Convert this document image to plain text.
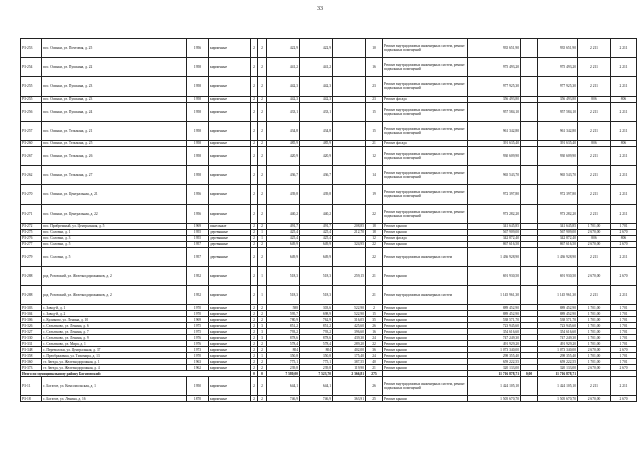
33
РЗ-253	пос. Осинки, ул. Почтовая, д. 25	1956	кирпичные	2	2	422,9	422,9		10	Ремонт внутридомовых инженерных систем, ремонт подвальных помещений	935 651,90		935 651,90	2 211	2 211
РЗ-254	пос. Осинки, ул. Пушкина, д. 22	1958	кирпичные	2	2	441,2	441,2		16	Ремонт внутридомовых инженерных систем, ремонт подвальных помещений	975 493,20		975 493,20	2 211	2 211
РЗ-255	пос. Осинки, ул. Пушкина, д. 23	1958	кирпичные	2	2	442,3	442,3		23	Ремонт внутридомовых инженерных систем, ремонт подвальных помещений	977 925,30		977 925,30	2 211	2 211
РЗ-255	пос. Осинки, ул. Пушкина, д. 23	1958	кирпичные	2	2	442,3	442,3		23	Ремонт фасада	356 493,80		356 493,80	806	806
РЗ-256	пос. Осинки, ул. Пушкина, д. 24	1958	кирпичные	2	2	433,1	433,1		15	Ремонт внутридомовых инженерных систем, ремонт подвальных помещений	957 584,10		957 584,10	2 211	2 211
РЗ-257	пос. Осинки, ул. Тельмана, д. 21	1958	кирпичные	2	2	434,8	434,8		15	Ремонт внутридомовых инженерных систем, ремонт подвальных помещений	961 342,80		961 342,80	2 211	2 211
РЗ-260	пос. Осинки, ул. Тельмана, д. 25	1958	кирпичные	2	2	485,9	485,9		21	Ремонт фасада	391 635,40		391 635,40	806	806
РЗ-267	пос. Осинки, ул. Тельмана, д. 26	1958	кирпичные	2	2	420,9	420,9		12	Ремонт внутридомовых инженерных систем, ремонт подвальных помещений	930 609,90		930 609,90	2 211	2 211
РЗ-262	пос. Осинки, ул. Тельмана, д. 27	1958	кирпичные	2	2	436,7	436,7		14	Ремонт внутридомовых инженерных систем, ремонт подвальных помещений	965 543,70		965 543,70	2 211	2 211
РЗ-270	пос. Осинки, ул. Центральная, д. 21	1956	кирпичные	2	2	439,8	439,8		19	Ремонт внутридомовых инженерных систем, ремонт подвальных помещений	972 397,80		972 397,80	2 211	2 211
РЗ-271	пос. Осинки, ул. Центральная, д. 22	1956	кирпичные	2	2	440,2	440,2		22	Ремонт внутридомовых инженерных систем, ремонт подвальных помещений	973 282,20		973 282,20	2 211	2 211
РЗ-272	пос. Прибрежный, ул. Центральная, д. 5	1969	панельные	2	2	491,7	491,7	208,85	18	Ремонт крыши	341 645,85		341 645,85	1 701,00	1 701
РЗ-275	пос. Соловьи, д. 1	1955	деревянные	2	1	425,4	425,4	212,70	18	Ремонт крыши	567 909,00		567 909,00	2 670,00	2 670
РЗ-276	пос. Соловьи, д. 3	1955	деревянные	2	1	425,4	425,4		12	Ремонт фасада	342 872,40		342 872,40	806	806
РЗ-277	пос. Соловьи, д. 5	1957	деревянные	2	2	649,9	649,9	324,95	22	Ремонт крыши	867 616,50		867 616,50	2 670,00	2 670
РЗ-279	пос. Соловьи, д. 5	1957	деревянные	2	2	649,9	649,9		22	Ремонт внутридомовых инженерных систем	1 436 928,90		1 436 928,90	2 211	2 211
РЗ-288	род. Розовский, ул. Железнодорожников, д. 2	1952	кирпичные	2	1	518,3	518,3	259,15	21	Ремонт крыши	691 930,50		691 930,50	2 670,00	2 670
РЗ-288	род. Розовский, ул. Железнодорожников, д. 2	1952	кирпичные	2	1	518,3	518,3		21	Ремонт внутридомовых инженерных систем	1 145 961,30		1 145 961,30	2 211	2 211
РЗ-303	с. Завод-й, д. 1	1970	кирпичные	2	2	588	303,6	522,90	2	Ремонт крыши	889 452,90		889 452,90	1 701,00	1 701
РЗ-304	с. Завод-й, д. 2	1970	кирпичные	2	2	595,7	698,9	522,90	15	Ремонт крыши	889 452,90		889 452,90	1 701,00	1 701
РЗ-306	с. Куликово, ул. Ленина, д. 10	1969	кирпичные	2	2	780,9	762,9	316,05	35	Ремонт крыши	538 571,70		538 571,70	1 701,00	1 701
РЗ-326	с. Селытково, ул. Ленина, д. 6	1975	кирпичные	2	3	851,2	851,2	425,60	26	Ремонт крыши	723 945,60		723 945,60	1 701,00	1 701
РЗ-327	с. Селытково, ул. Ленина, д. 7	1975	кирпичные	2	3	793,2	793,2	396,60	16	Ремонт крыши	354 616,60		354 616,60	1 701,00	1 701
РЗ-330	с. Селытково, ул. Ленина, д. 9	1976	кирпичные	2	3	878,6	878,6	439,30	24	Ремонт крыши	747 249,30		747 249,30	1 701,00	1 701
РЗ-331	с. Селытково, ул. Мира, д. 1	1976	кирпичные	2	2	578,4	578,4	289,20	22	Ремонт крыши	491 929,20		491 929,20	1 701,00	1 701
РЗ-348	с. Переволоки, ул. Центральная, д. 37	1973	кирпичные	2	2	804	804	402,00	36	Ремонт крыши	1 073 340,00		1 073 340,00	2 670,00	2 670
РЗ-358	с. Преображенка, ул. Тихомира, д. 13	1970	кирпичные	2	1	350,8	350,8	175,40	24	Ремонт крыши	298 355,40		298 355,40	1 701,00	1 701
РЗ-360	ст. Звезда, ул. Железнодорожная, д. 1	1963	кирпичные	2	2	775,1	775,1	387,55	40	Ремонт крыши	659 222,55		659 222,55	1 701,00	1 701
РЗ-373	ст. Звезда, ул. Железнодорожная, д. 4	1962	кирпичные	2	2	239,8	239,8	119,90	21	Ремонт крыши	320 133,00		320 133,00	2 670,00	2 670
Итого по муниципальному району Богатовский:				0	0	7 580,00	7 523,70	2 366,81	275		11 716 878,71	0,00	11 716 878,71		
РЗ-11	с. Богатое, ул. Комсомольская, д. 1	1950	кирпичные	2	2	644,1	644,1		26	Ремонт внутридомовых инженерных систем, ремонт подвальных помещений	1 424 105,10		1 424 105,10	2 211	2 211
РЗ-18	с. Богатое, ул. Ленина, д. 16	1870	кирпичные	2	2	746,9	746,9	363,91	25	Ремонт крыши	1 505 670,70		1 505 670,70	2 670,00	2 670
